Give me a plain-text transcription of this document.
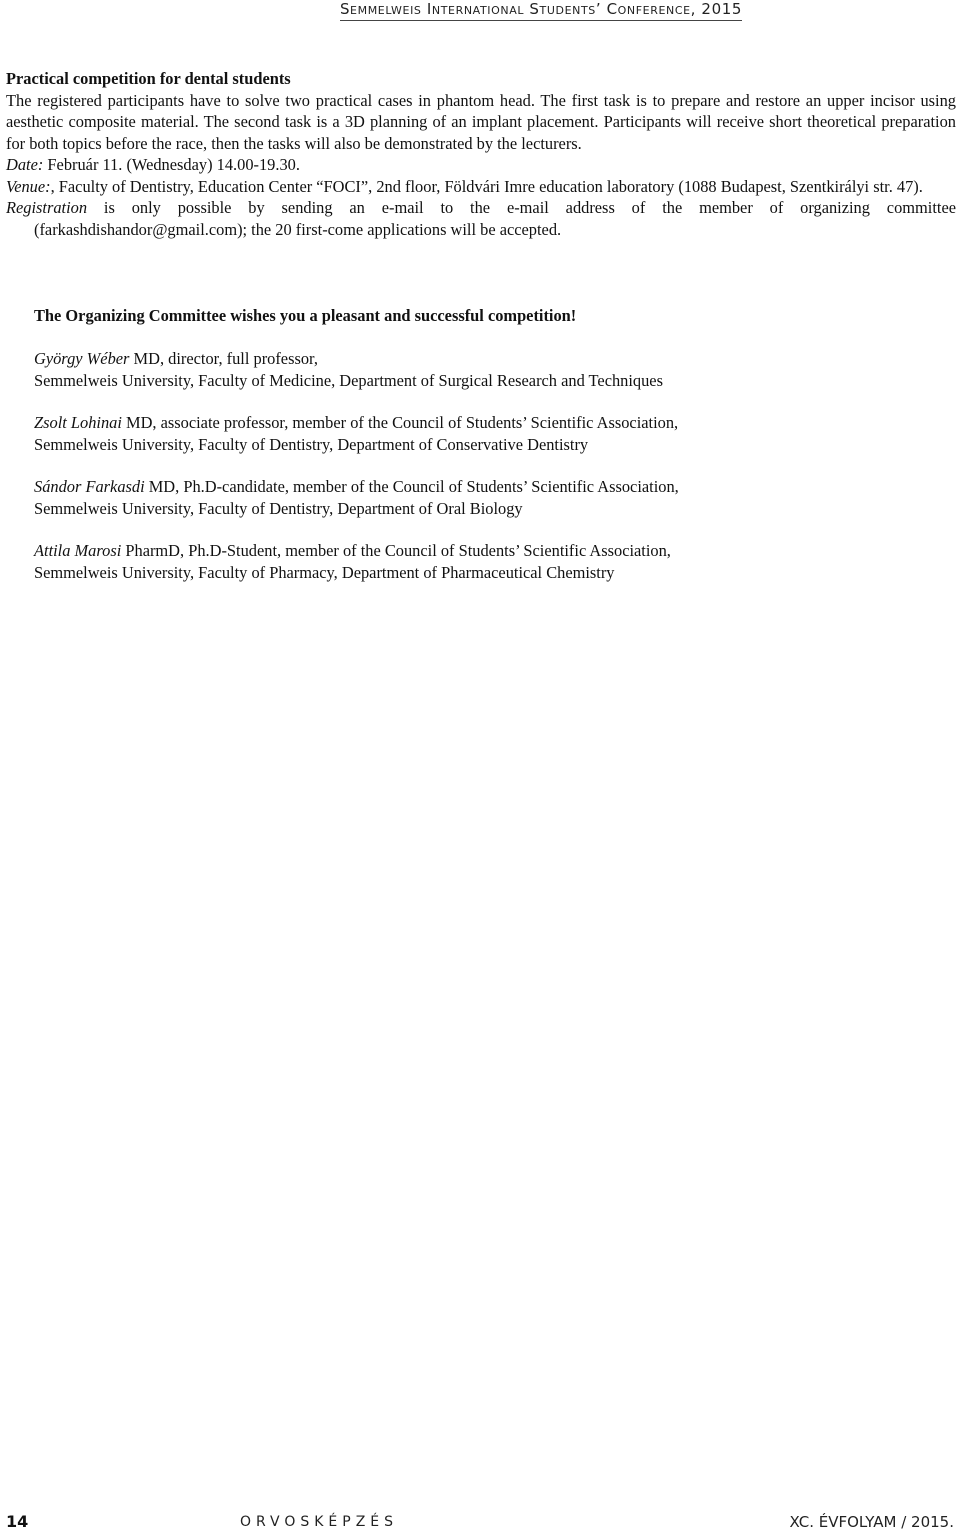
Semmelweis International Students’ Conference, 2015
Practical competition for dental students
The registered participants have to solve two practical cases in phantom head. The first task is to prepare and restore an upper incisor using aesthetic composite material. The second task is a 3D planning of an implant placement. Participants will receive short theoretical preparation for both topics before the race, then the tasks will also be demonstrated by the lecturers.
Date: Február 11. (Wednesday) 14.00-19.30.
Venue:, Faculty of Dentistry, Education Center “FOCI”, 2nd floor, Földvári Imre education laboratory (1088 Budapest, Szentkirályi str. 47).
Registration is only possible by sending an e-mail to the e-mail address of the member of organizing committee (farkashdishandor@gmail.com); the 20 first-come applications will be accepted.
The Organizing Committee wishes you a pleasant and successful competition!
György Wéber MD, director, full professor,
Semmelweis University, Faculty of Medicine, Department of Surgical Research and Techniques
Zsolt Lohinai MD, associate professor, member of the Council of Students’ Scientific Association,
Semmelweis University, Faculty of Dentistry, Department of Conservative Dentistry
Sándor Farkasdi MD, Ph.D-candidate, member of the Council of Students’ Scientific Association,
Semmelweis University, Faculty of Dentistry, Department of Oral Biology
Attila Marosi PharmD, Ph.D-Student, member of the Council of Students’ Scientific Association,
Semmelweis University, Faculty of Pharmacy, Department of Pharmaceutical Chemistry
14	ORVOSKÉPZÉS	XC. ÉVFOLYAM / 2015.
